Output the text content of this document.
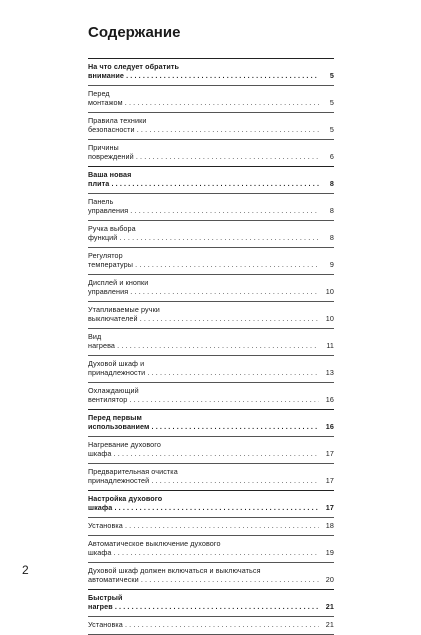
Содержание
На что следует обратить внимание . . .	5
Перед монтажом . . .	5
Правила техники безопасности . . .	5
Причины повреждений . . .	6
Ваша новая плита . . .	8
Панель управления . . .	8
Ручка выбора функций . . .	8
Регулятор температуры . . .	9
Дисплей и кнопки управления . . .	10
Утапливаемые ручки выключателей . . .	10
Вид нагрева . . .	11
Духовой шкаф и принадлежности . . .	13
Охлаждающий вентилятор . . .	16
Перед первым использованием . . .	16
Нагревание духового шкафа . . .	17
Предварительная очистка принадлежностей . . .	17
Настройка духового шкафа . . .	17
Установка . . .	18
Автоматическое выключение духового шкафа . . .	19
Духовой шкаф должен включаться и выключаться
автоматически . . .	20
Быстрый нагрев . . .	21
Установка . . .	21
2
